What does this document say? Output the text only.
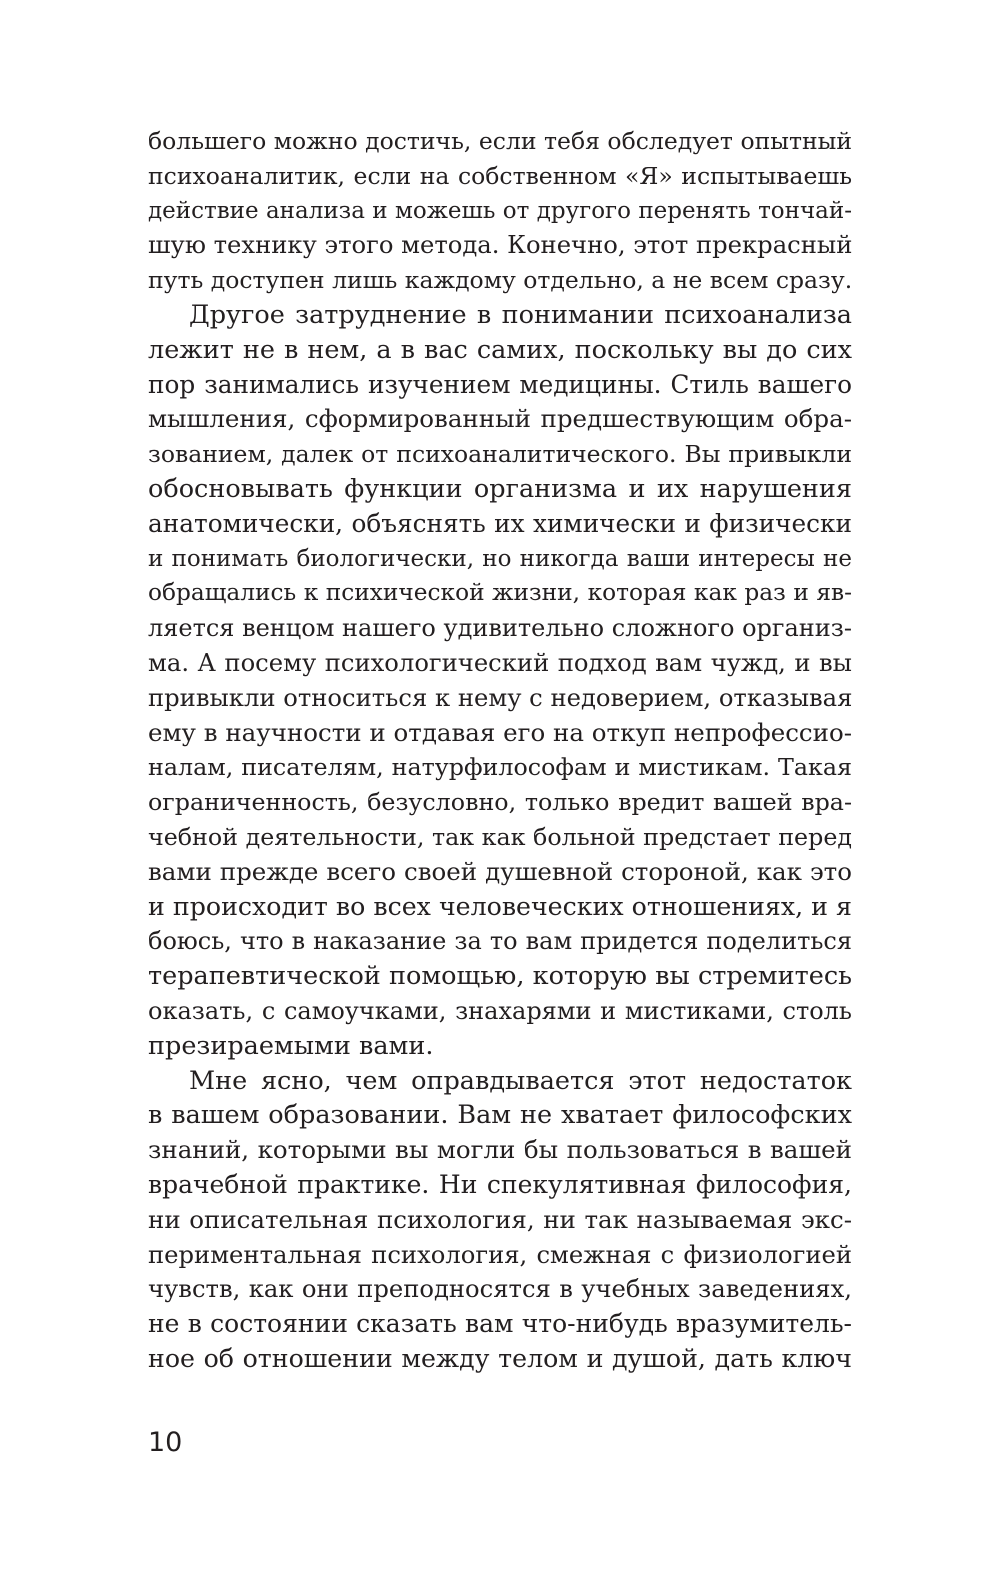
большего можно достичь, если тебя обследует опытный
психоаналитик, если на собственном «Я» испытываешь
действие анализа и можешь от другого перенять тончай-
шую технику этого метода. Конечно, этот прекрасный
путь доступен лишь каждому отдельно, а не всем сразу.
Другое затруднение в понимании психоанализа
лежит не в нем, а в вас самих, поскольку вы до сих
пор занимались изучением медицины. Стиль вашего
мышления, сформированный предшествующим обра-
зованием, далек от психоаналитического. Вы привыкли
обосновывать функции организма и их нарушения
анатомически, объяснять их химически и физически
и понимать биологически, но никогда ваши интересы не
обращались к психической жизни, которая как раз и яв-
ляется венцом нашего удивительно сложного организ-
ма. А посему психологический подход вам чужд, и вы
привыкли относиться к нему с недоверием, отказывая
ему в научности и отдавая его на откуп непрофессио-
налам, писателям, натурфилософам и мистикам. Такая
ограниченность, безусловно, только вредит вашей вра-
чебной деятельности, так как больной предстает перед
вами прежде всего своей душевной стороной, как это
и происходит во всех человеческих отношениях, и я
боюсь, что в наказание за то вам придется поделиться
терапевтической помощью, которую вы стремитесь
оказать, с самоучками, знахарями и мистиками, столь
презираемыми вами.
Мне ясно, чем оправдывается этот недостаток
в вашем образовании. Вам не хватает философских
знаний, которыми вы могли бы пользоваться в вашей
врачебной практике. Ни спекулятивная философия,
ни описательная психология, ни так называемая экс-
периментальная психология, смежная с физиологией
чувств, как они преподносятся в учебных заведениях,
не в состоянии сказать вам что-нибудь вразумитель-
ное об отношении между телом и душой, дать ключ
10
